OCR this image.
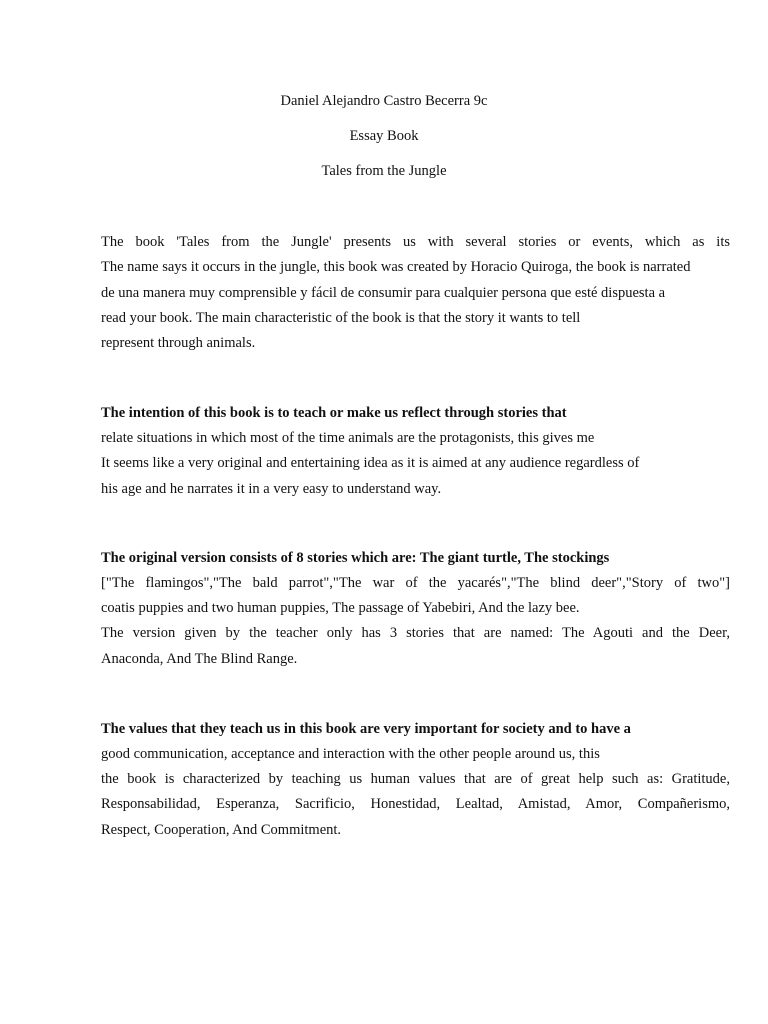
Daniel Alejandro Castro Becerra 9c
Essay Book
Tales from the Jungle
The book 'Tales from the Jungle' presents us with several stories or events, which as its
The name says it occurs in the jungle, this book was created by Horacio Quiroga, the book is narrated
de una manera muy comprensible y fácil de consumir para cualquier persona que esté dispuesta a
read your book. The main characteristic of the book is that the story it wants to tell
represent through animals.
The intention of this book is to teach or make us reflect through stories that
relate situations in which most of the time animals are the protagonists, this gives me
It seems like a very original and entertaining idea as it is aimed at any audience regardless of
his age and he narrates it in a very easy to understand way.
The original version consists of 8 stories which are: The giant turtle, The stockings
["The flamingos","The bald parrot","The war of the yacarés","The blind deer","Story of two"]
coatis puppies and two human puppies, The passage of Yabebiri, And the lazy bee.
The version given by the teacher only has 3 stories that are named: The Agouti and the Deer,
Anaconda, And The Blind Range.
The values that they teach us in this book are very important for society and to have a
good communication, acceptance and interaction with the other people around us, this
the book is characterized by teaching us human values that are of great help such as: Gratitude,
Responsabilidad, Esperanza, Sacrificio, Honestidad, Lealtad, Amistad, Amor, Compañerismo,
Respect, Cooperation, And Commitment.
